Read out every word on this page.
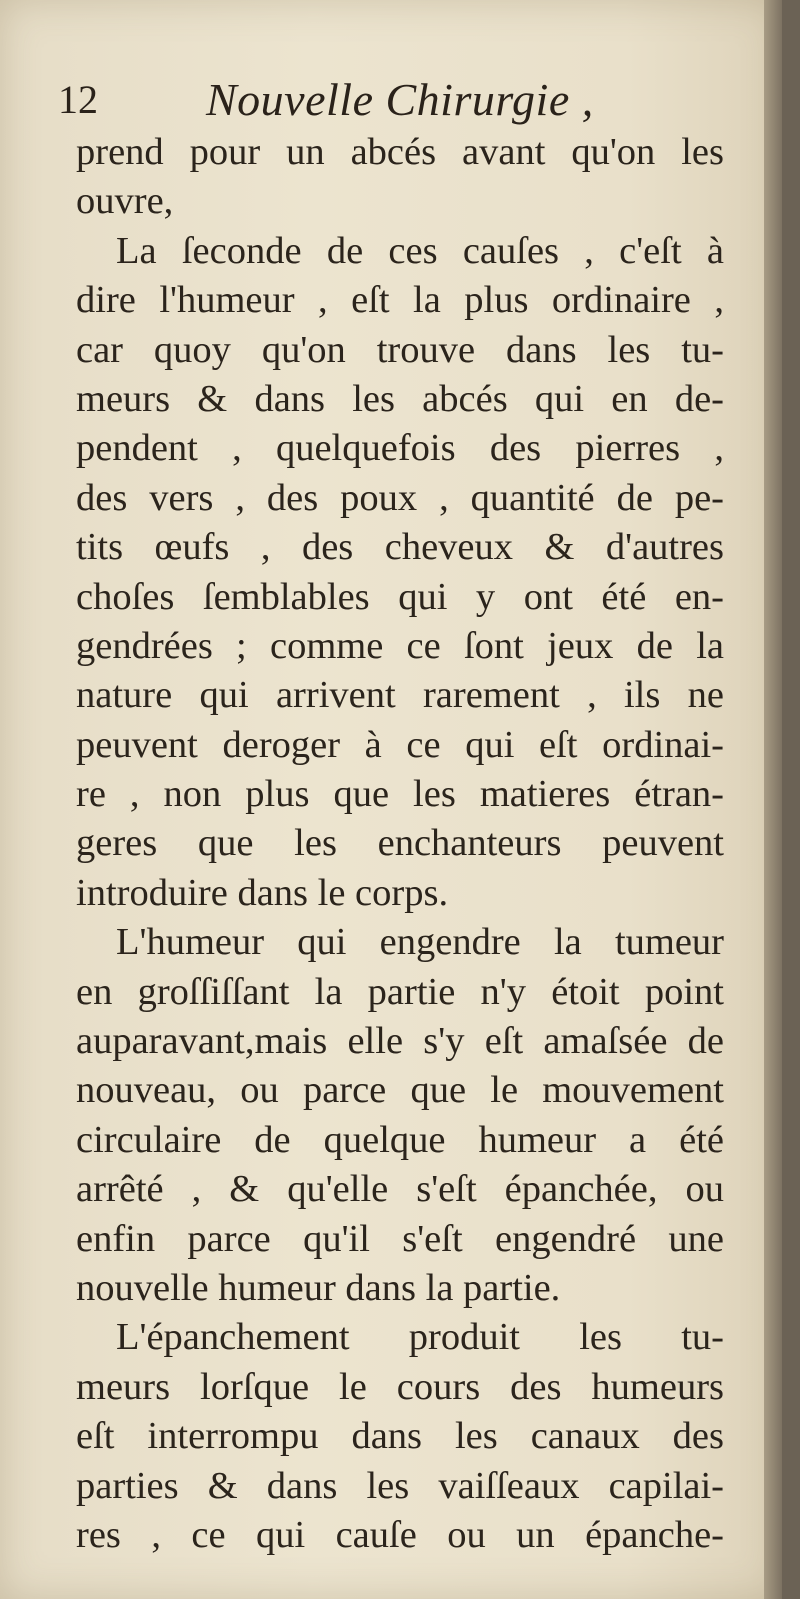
12 Nouvelle Chirurgie ,
prend pour un abcés avant qu'on les
ouvre,
La ſeconde de ces cauſes , c'eſt à
dire l'humeur , eſt la plus ordinaire ,
car quoy qu'on trouve dans les tu-
meurs & dans les abcés qui en de-
pendent , quelquefois des pierres ,
des vers , des poux , quantité de pe-
tits œufs , des cheveux & d'autres
choſes ſemblables qui y ont été en-
gendrées ; comme ce ſont jeux de la
nature qui arrivent rarement , ils ne
peuvent deroger à ce qui eſt ordinai-
re , non plus que les matieres étran-
geres que les enchanteurs peuvent
introduire dans le corps.
L'humeur qui engendre la tumeur
en groſſiſſant la partie n'y étoit point
auparavant,mais elle s'y eſt amaſsée de
nouveau, ou parce que le mouvement
circulaire de quelque humeur a été
arrêté , & qu'elle s'eſt épanchée, ou
enfin parce qu'il s'eſt engendré une
nouvelle humeur dans la partie.
L'épanchement produit les tu-
meurs lorſque le cours des humeurs
eſt interrompu dans les canaux des
parties & dans les vaiſſeaux capilai-
res , ce qui cauſe ou un épanche-
